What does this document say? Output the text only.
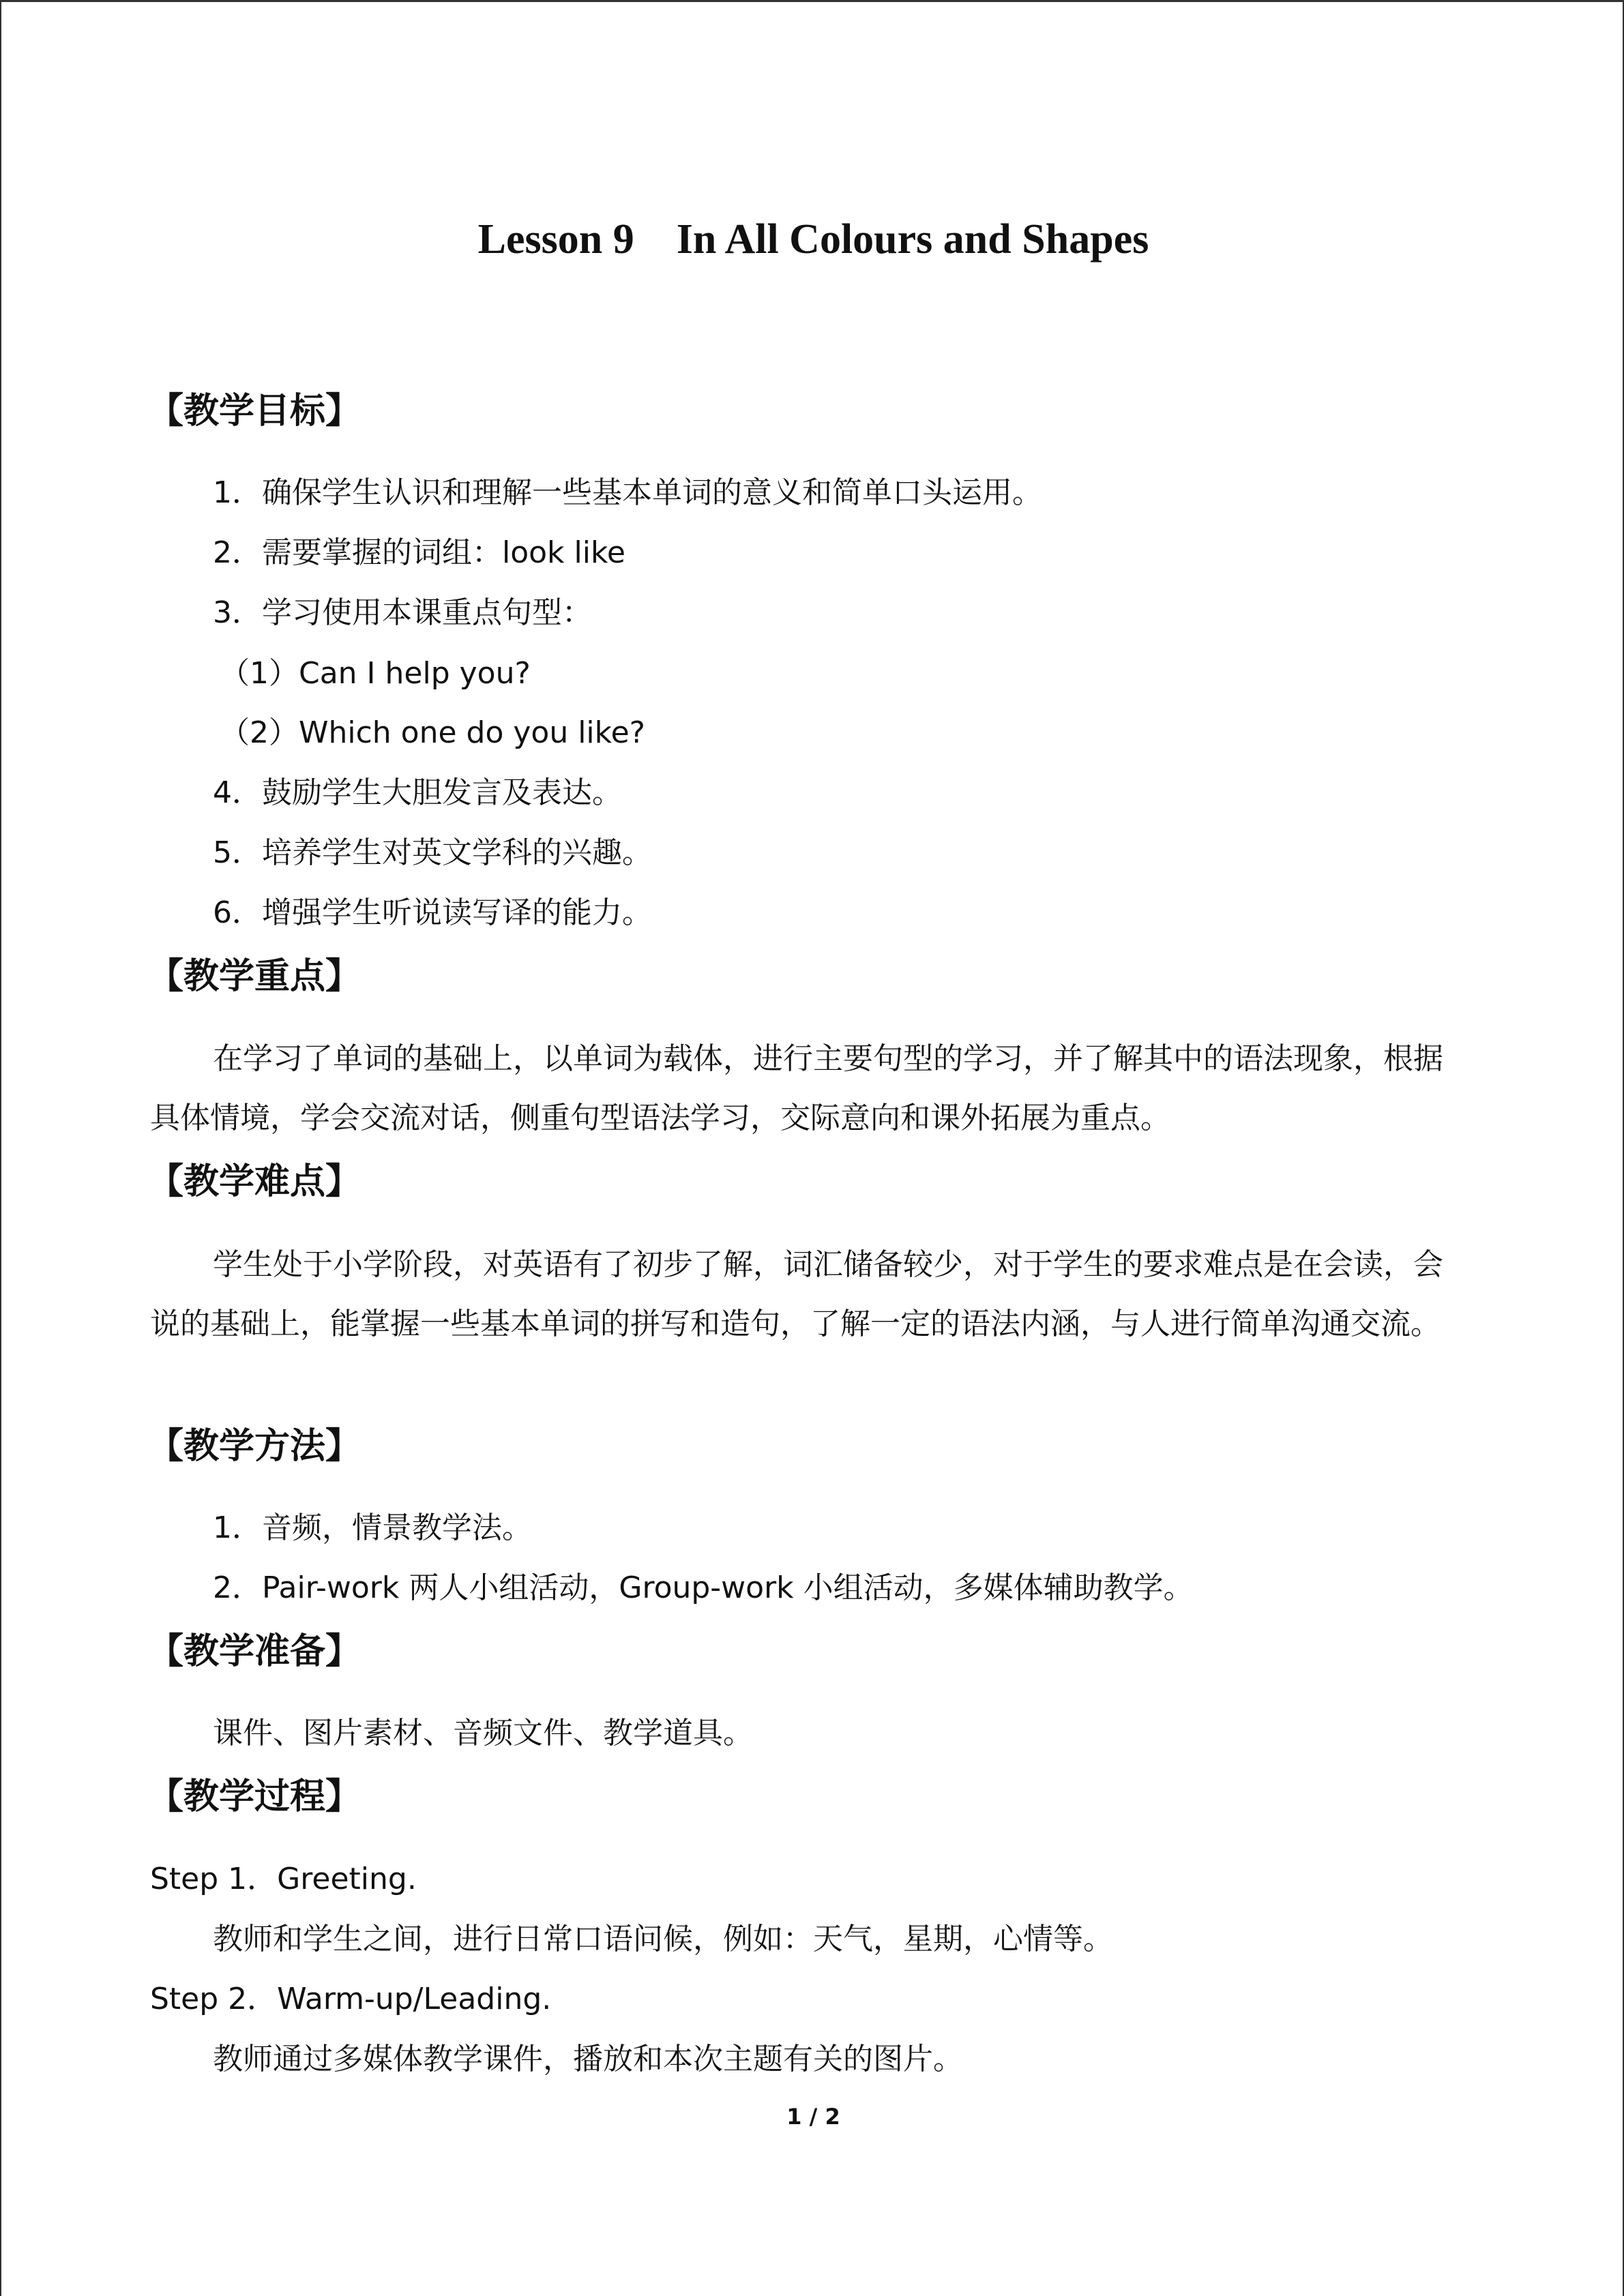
Lesson 9　In All Colours and Shapes
【教学目标】
1．确保学生认识和理解一些基本单词的意义和简单口头运用。
2．需要掌握的词组：look like
3．学习使用本课重点句型：
（1）Can I help you?
（2）Which one do you like?
4．鼓励学生大胆发言及表达。
5．培养学生对英文学科的兴趣。
6．增强学生听说读写译的能力。
【教学重点】
在学习了单词的基础上，以单词为载体，进行主要句型的学习，并了解其中的语法现象，根据具体情境，学会交流对话，侧重句型语法学习，交际意向和课外拓展为重点。
【教学难点】
学生处于小学阶段，对英语有了初步了解，词汇储备较少，对于学生的要求难点是在会读，会说的基础上，能掌握一些基本单词的拼写和造句，了解一定的语法内涵，与人进行简单沟通交流。
【教学方法】
1．音频，情景教学法。
2．Pair-work 两人小组活动，Group-work 小组活动，多媒体辅助教学。
【教学准备】
课件、图片素材、音频文件、教学道具。
【教学过程】
Step 1．Greeting.
教师和学生之间，进行日常口语问候，例如：天气，星期，心情等。
Step 2．Warm-up/Leading.
教师通过多媒体教学课件，播放和本次主题有关的图片。
1 / 2
